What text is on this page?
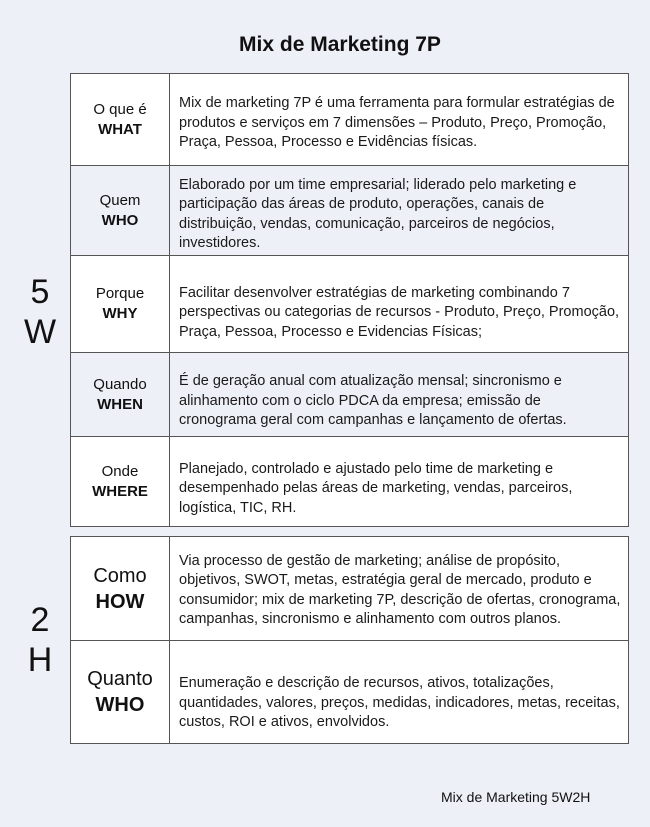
Mix de Marketing 7P
5
W
2
H
O que é
WHAT	Mix de marketing 7P é uma ferramenta para formular estratégias de produtos e serviços em 7 dimensões – Produto, Preço, Promoção, Praça, Pessoa, Processo e Evidências físicas.

Quem
WHO	Elaborado por um time empresarial; liderado pelo marketing e participação das áreas de produto, operações, canais de distribuição, vendas, comunicação, parceiros de negócios, investidores.

Porque
WHY	Facilitar desenvolver estratégias de marketing combinando 7 perspectivas ou categorias de recursos - Produto, Preço, Promoção, Praça, Pessoa, Processo e Evidencias Físicas;

Quando
WHEN	É de geração anual com atualização mensal; sincronismo e alinhamento com o ciclo PDCA da empresa; emissão de cronograma geral com campanhas e lançamento de ofertas.

Onde
WHERE	Planejado, controlado e ajustado pelo time de marketing e desempenhado pelas áreas de marketing, vendas, parceiros, logística, TIC, RH.
Como
HOW	Via processo de gestão de marketing; análise de propósito, objetivos, SWOT, metas, estratégia geral de mercado, produto e consumidor; mix de marketing 7P, descrição de ofertas, cronograma, campanhas, sincronismo e alinhamento com outros planos.

Quanto
WHO	Enumeração e descrição de recursos, ativos, totalizações, quantidades, valores, preços, medidas, indicadores, metas, receitas, custos, ROI e ativos, envolvidos.
Mix de Marketing 5W2H
